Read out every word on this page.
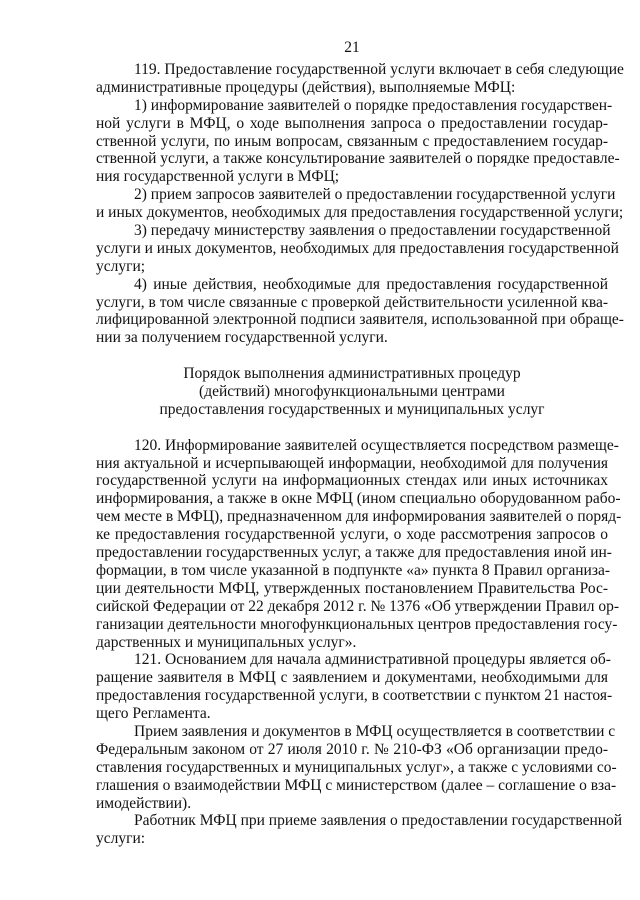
21
119. Предоставление государственной услуги включает в себя следующие
административные процедуры (действия), выполняемые МФЦ:
1) информирование заявителей о порядке предоставления государствен-
ной услуги в МФЦ, о ходе выполнения запроса о предоставлении государ-
ственной услуги, по иным вопросам, связанным с предоставлением государ-
ственной услуги, а также консультирование заявителей о порядке предоставле-
ния государственной услуги в МФЦ;
2) прием запросов заявителей о предоставлении государственной услуги
и иных документов, необходимых для предоставления государственной услуги;
3) передачу министерству заявления о предоставлении государственной
услуги и иных документов, необходимых для предоставления государственной
услуги;
4) иные действия, необходимые для предоставления государственной
услуги, в том числе связанные с проверкой действительности усиленной ква-
лифицированной электронной подписи заявителя, использованной при обраще-
нии за получением государственной услуги.
Порядок выполнения административных процедур
(действий) многофункциональными центрами
предоставления государственных и муниципальных услуг
120. Информирование заявителей осуществляется посредством размеще-
ния актуальной и исчерпывающей информации, необходимой для получения
государственной услуги на информационных стендах или иных источниках
информирования, а также в окне МФЦ (ином специально оборудованном рабо-
чем месте в МФЦ), предназначенном для информирования заявителей о поряд-
ке предоставления государственной услуги, о ходе рассмотрения запросов о
предоставлении государственных услуг, а также для предоставления иной ин-
формации, в том числе указанной в подпункте «а» пункта 8 Правил организа-
ции деятельности МФЦ, утвержденных постановлением Правительства Рос-
сийской Федерации от 22 декабря 2012 г. № 1376 «Об утверждении Правил ор-
ганизации деятельности многофункциональных центров предоставления госу-
дарственных и муниципальных услуг».
121. Основанием для начала административной процедуры является об-
ращение заявителя в МФЦ с заявлением и документами, необходимыми для
предоставления государственной услуги, в соответствии с пунктом 21 настоя-
щего Регламента.
Прием заявления и документов в МФЦ осуществляется в соответствии с
Федеральным законом от 27 июля 2010 г. № 210-ФЗ «Об организации предо-
ставления государственных и муниципальных услуг», а также с условиями со-
глашения о взаимодействии МФЦ с министерством (далее – соглашение о вза-
имодействии).
Работник МФЦ при приеме заявления о предоставлении государственной
услуги:
